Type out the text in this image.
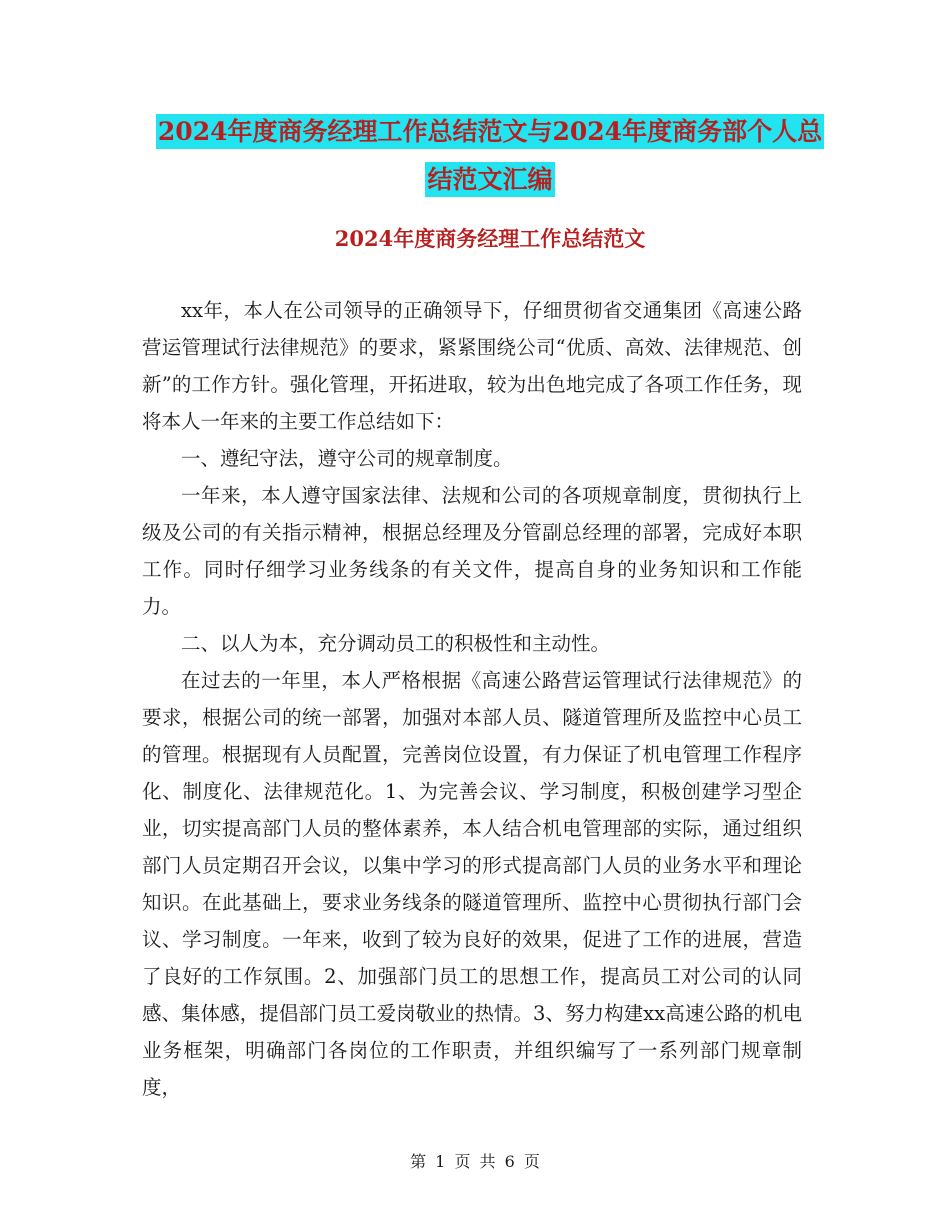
2024年度商务经理工作总结范文与2024年度商务部个人总结范文汇编
2024年度商务经理工作总结范文

xx年，本人在公司领导的正确领导下，仔细贯彻省交通集团《高速公路营运管理试行法律规范》的要求，紧紧围绕公司“优质、高效、法律规范、创新”的工作方针。强化管理，开拓进取，较为出色地完成了各项工作任务，现将本人一年来的主要工作总结如下：

一、遵纪守法，遵守公司的规章制度。

一年来，本人遵守国家法律、法规和公司的各项规章制度，贯彻执行上级及公司的有关指示精神，根据总经理及分管副总经理的部署，完成好本职工作。同时仔细学习业务线条的有关文件，提高自身的业务知识和工作能力。

二、以人为本，充分调动员工的积极性和主动性。

在过去的一年里，本人严格根据《高速公路营运管理试行法律规范》的要求，根据公司的统一部署，加强对本部人员、隧道管理所及监控中心员工的管理。根据现有人员配置，完善岗位设置，有力保证了机电管理工作程序化、制度化、法律规范化。1、为完善会议、学习制度，积极创建学习型企业，切实提高部门人员的整体素养，本人结合机电管理部的实际，通过组织部门人员定期召开会议，以集中学习的形式提高部门人员的业务水平和理论知识。在此基础上，要求业务线条的隧道管理所、监控中心贯彻执行部门会议、学习制度。一年来，收到了较为良好的效果，促进了工作的进展，营造了良好的工作氛围。2、加强部门员工的思想工作，提高员工对公司的认同感、集体感，提倡部门员工爱岗敬业的热情。3、努力构建xx高速公路的机电业务框架，明确部门各岗位的工作职责，并组织编写了一系列部门规章制度，

第 1 页 共 6 页
